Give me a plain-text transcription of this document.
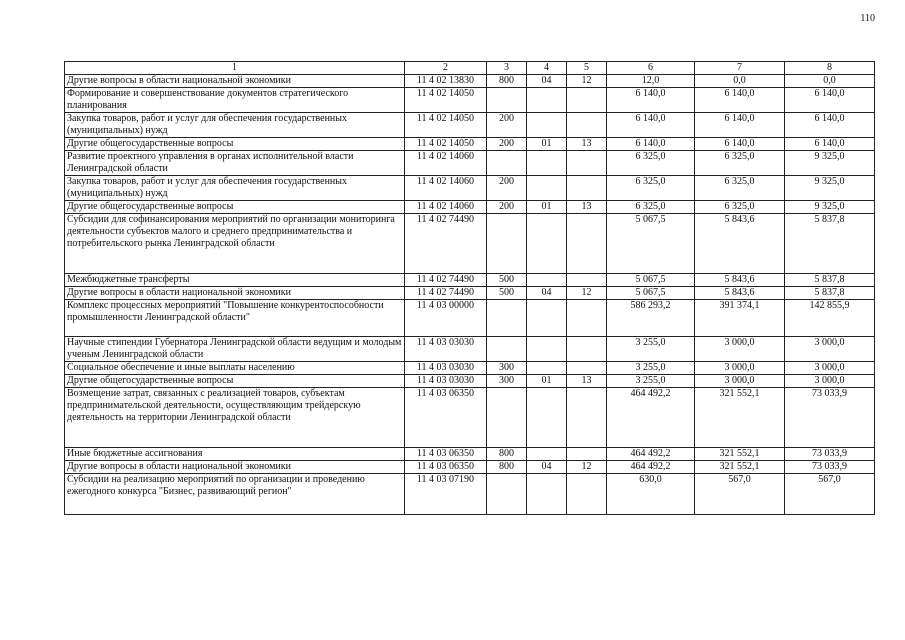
110
1	2	3	4	5	6	7	8
Другие вопросы в области национальной экономики	11 4 02 13830	800	04	12	12,0	0,0	0,0
Формирование и совершенствование документов стратегического планирования	11 4 02 14050				6 140,0	6 140,0	6 140,0
Закупка товаров, работ и услуг для обеспечения государственных (муниципальных) нужд	11 4 02 14050	200			6 140,0	6 140,0	6 140,0
Другие общегосударственные вопросы	11 4 02 14050	200	01	13	6 140,0	6 140,0	6 140,0
Развитие проектного управления в органах исполнительной власти Ленинградской области	11 4 02 14060				6 325,0	6 325,0	9 325,0
Закупка товаров, работ и услуг для обеспечения государственных (муниципальных) нужд	11 4 02 14060	200			6 325,0	6 325,0	9 325,0
Другие общегосударственные вопросы	11 4 02 14060	200	01	13	6 325,0	6 325,0	9 325,0
Субсидии для софинансирования мероприятий по организации мониторинга деятельности субъектов малого и среднего предпринимательства и потребительского рынка Ленинградской области	11 4 02 74490				5 067,5	5 843,6	5 837,8
Межбюджетные трансферты	11 4 02 74490	500			5 067,5	5 843,6	5 837,8
Другие вопросы в области национальной экономики	11 4 02 74490	500	04	12	5 067,5	5 843,6	5 837,8
Комплекс процессных мероприятий "Повышение конкурентоспособности промышленности Ленинградской области"	11 4 03 00000				586 293,2	391 374,1	142 855,9
Научные стипендии Губернатора Ленинградской области ведущим и молодым ученым Ленинградской области	11 4 03 03030				3 255,0	3 000,0	3 000,0
Социальное обеспечение и иные выплаты населению	11 4 03 03030	300			3 255,0	3 000,0	3 000,0
Другие общегосударственные вопросы	11 4 03 03030	300	01	13	3 255,0	3 000,0	3 000,0
Возмещение затрат, связанных с реализацией товаров, субъектам предпринимательской деятельности, осуществляющим трейдерскую деятельность на территории Ленинградской области	11 4 03 06350				464 492,2	321 552,1	73 033,9
Иные бюджетные ассигнования	11 4 03 06350	800			464 492,2	321 552,1	73 033,9
Другие вопросы в области национальной экономики	11 4 03 06350	800	04	12	464 492,2	321 552,1	73 033,9
Субсидии на реализацию мероприятий по организации и проведению ежегодного конкурса "Бизнес, развивающий регион"	11 4 03 07190				630,0	567,0	567,0
